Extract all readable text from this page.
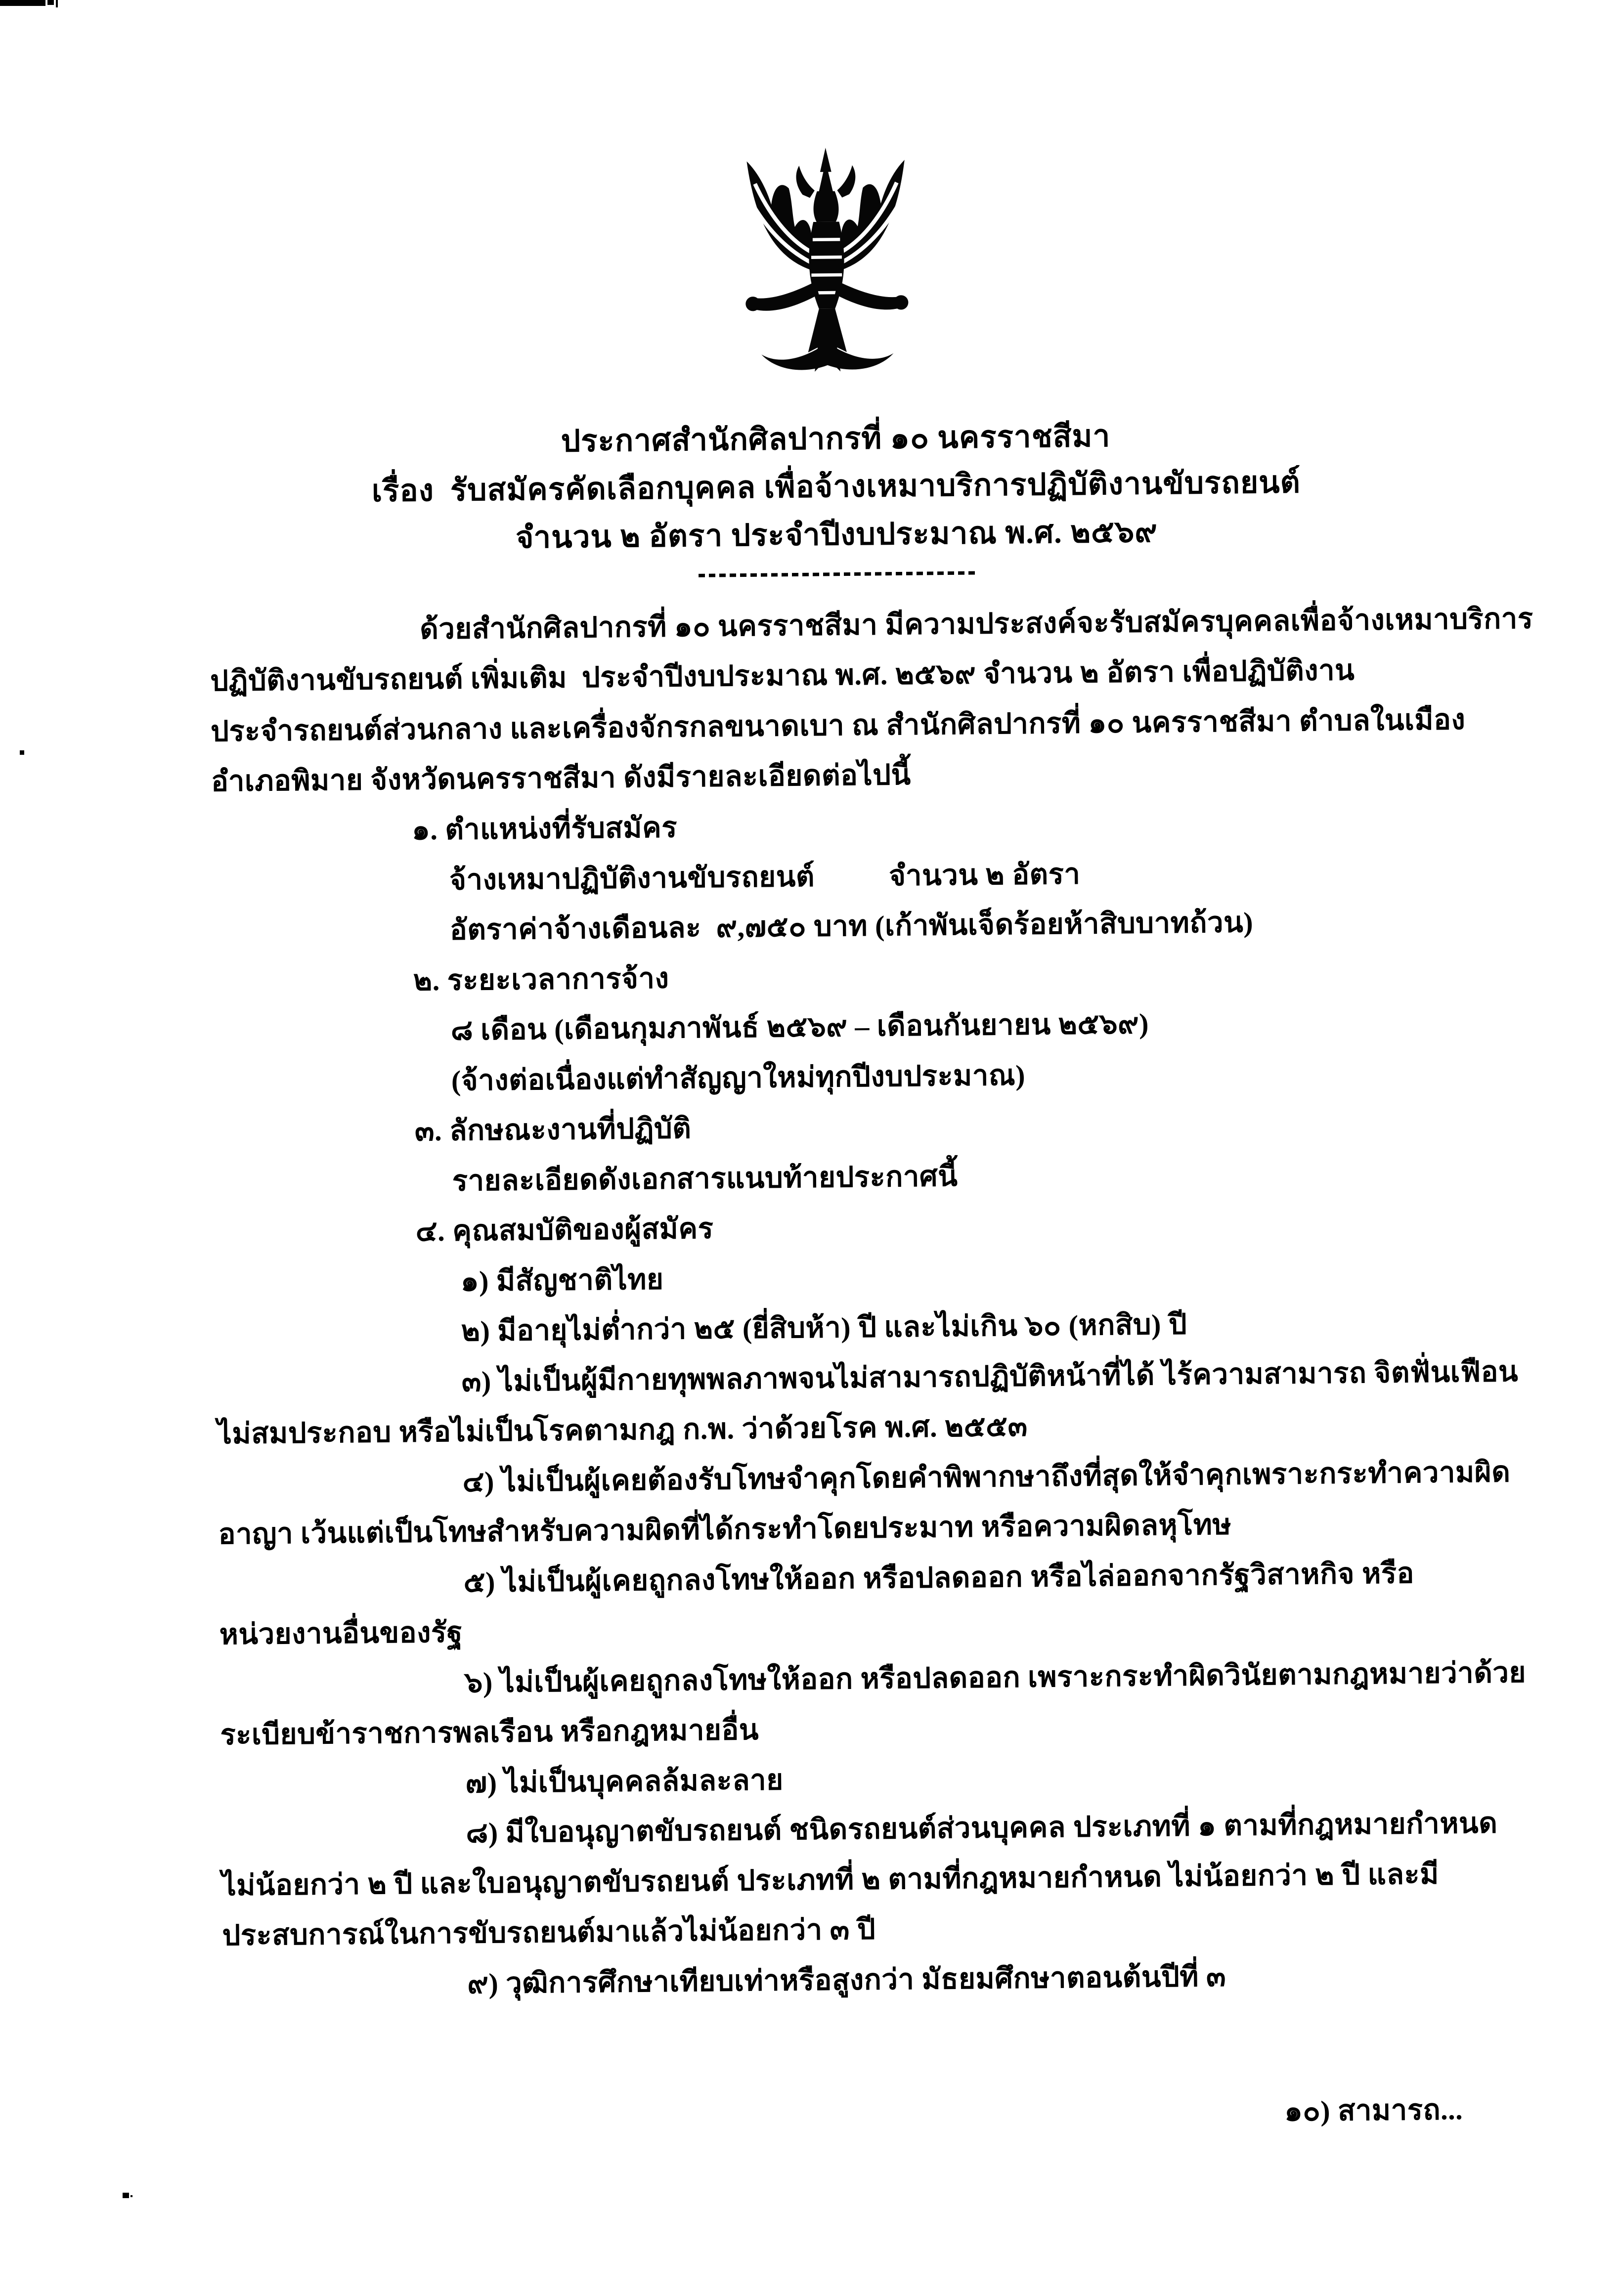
ประกาศสำนักศิลปากรที่ ๑๐ นครราชสีมา
เรื่อง  รับสมัครคัดเลือกบุคคล เพื่อจ้างเหมาบริการปฏิบัติงานขับรถยนต์
จำนวน ๒ อัตรา ประจำปีงบประมาณ พ.ศ. ๒๕๖๙
ด้วยสำนักศิลปากรที่ ๑๐ นครราชสีมา มีความประสงค์จะรับสมัครบุคคลเพื่อจ้างเหมาบริการ
ปฏิบัติงานขับรถยนต์ เพิ่มเติม  ประจำปีงบประมาณ พ.ศ. ๒๕๖๙ จำนวน ๒ อัตรา เพื่อปฏิบัติงาน
ประจำรถยนต์ส่วนกลาง และเครื่องจักรกลขนาดเบา ณ สำนักศิลปากรที่ ๑๐ นครราชสีมา ตำบลในเมือง
อำเภอพิมาย จังหวัดนครราชสีมา ดังมีรายละเอียดต่อไปนี้
๑. ตำแหน่งที่รับสมัคร
จ้างเหมาปฏิบัติงานขับรถยนต์          จำนวน ๒ อัตรา
อัตราค่าจ้างเดือนละ  ๙,๗๕๐ บาท (เก้าพันเจ็ดร้อยห้าสิบบาทถ้วน)
๒. ระยะเวลาการจ้าง
๘ เดือน (เดือนกุมภาพันธ์ ๒๕๖๙ – เดือนกันยายน ๒๕๖๙)
(จ้างต่อเนื่องแต่ทำสัญญาใหม่ทุกปีงบประมาณ)
๓. ลักษณะงานที่ปฏิบัติ
รายละเอียดดังเอกสารแนบท้ายประกาศนี้
๔. คุณสมบัติของผู้สมัคร
๑) มีสัญชาติไทย
๒) มีอายุไม่ต่ำกว่า ๒๕ (ยี่สิบห้า) ปี และไม่เกิน ๖๐ (หกสิบ) ปี
๓) ไม่เป็นผู้มีกายทุพพลภาพจนไม่สามารถปฏิบัติหน้าที่ได้ ไร้ความสามารถ จิตฟั่นเฟือน
ไม่สมประกอบ หรือไม่เป็นโรคตามกฎ ก.พ. ว่าด้วยโรค พ.ศ. ๒๕๕๓
๔) ไม่เป็นผู้เคยต้องรับโทษจำคุกโดยคำพิพากษาถึงที่สุดให้จำคุกเพราะกระทำความผิด
อาญา เว้นแต่เป็นโทษสำหรับความผิดที่ได้กระทำโดยประมาท หรือความผิดลหุโทษ
๕) ไม่เป็นผู้เคยถูกลงโทษให้ออก หรือปลดออก หรือไล่ออกจากรัฐวิสาหกิจ หรือ
หน่วยงานอื่นของรัฐ
๖) ไม่เป็นผู้เคยถูกลงโทษให้ออก หรือปลดออก เพราะกระทำผิดวินัยตามกฎหมายว่าด้วย
ระเบียบข้าราชการพลเรือน หรือกฎหมายอื่น
๗) ไม่เป็นบุคคลล้มละลาย
๘) มีใบอนุญาตขับรถยนต์ ชนิดรถยนต์ส่วนบุคคล ประเภทที่ ๑ ตามที่กฎหมายกำหนด
ไม่น้อยกว่า ๒ ปี และใบอนุญาตขับรถยนต์ ประเภทที่ ๒ ตามที่กฎหมายกำหนด ไม่น้อยกว่า ๒ ปี และมี
ประสบการณ์ในการขับรถยนต์มาแล้วไม่น้อยกว่า ๓ ปี
๙) วุฒิการศึกษาเทียบเท่าหรือสูงกว่า มัธยมศึกษาตอนต้นปีที่ ๓
๑๐) สามารถ...
